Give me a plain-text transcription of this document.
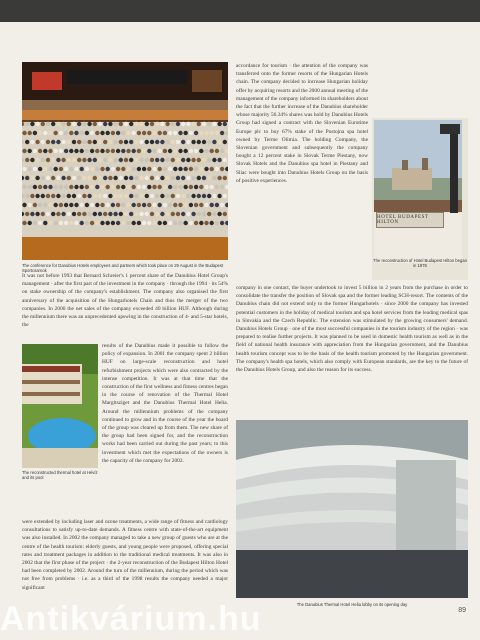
The conference for Danubius Hotels employees and partners which took place on 29 August in the Budapest Sportcsarnok
accordance for tourism · the attention of the company was transferred onto the former resorts of the Hungarian Hotels chain. The company decided to increase Hungarian holiday offer by acquiring resorts and the 2000 annual meeting of the management of the company informed its shareholders about the fact that the further increase of the Danubius shareholder whose majority 56.34% shares was hold by Danubius Hotels Group had signed a contract with the Slovenian Eurotime Europe plc to buy 67% stake of the Postojna spa hotel owned by Terme Olimia. The holding Company, the Slovenian government and subsequently the company bought a 12 percent stake in Slovak Terme Piestany, now Slovak Hotels and the Danubius spa hotel in Piestany and Sliac were bought into Danubius Hotels Group on the basis of positive experiences.
HOTEL BUDAPEST HILTON
The reconstruction of Hotel Budapest Hilton began in 1976
It was not before 1993 that Bernard Schreier's 1 percent share of the Danubius Hotel Group's management · after the first part of the investment in the company · through the 1994 · its 54% on stake ownership of the company's establishment. The company also organised the first anniversary of the acquisition of the Hungarhotels Chain and thus the merger of the two companies. In 2000 the net sales of the company exceeded 40 billion HUF. Although during the millennium there was an unprecedented upswing in the construction of 4- and 5-star hotels, the
results of the Danubius made it possible to follow the policy of expansion. In 2001 the company spent 2 billion HUF on large-scale reconstruction and hotel refurbishment projects which were also contracted by the intense competition. It was at that time that the construction of the first wellness and fitness centres began in the course of renovation of the Thermal Hotel Margitsziget and the Danubius Thermal Hotel Helia. Around the millennium problems of the company continued to grow and in the course of the year the board of the group was cleared up from them. The new share of the group had been signed for, and the reconstruction works had been carried out during the past years; to this investment which met the expectations of the owners is the capacity of the company for 2002.
The reconstructed thermal hotel at Hévíz and its pool
company in one contact, the buyer undertook to invest 5 billion in 2 years from the purchase in order to consolidate the transfer the position of Slovak spa and the former leading SCH-resort. The contents of the Danubius chain did not extend only to the former Hungarhotels · since 2000 the company has invested potential customers in the holiday of medical tourism and spa hotel services from the leading medical spas in Slovakia and the Czech Republic. The extension was stimulated by the growing consumers' demand. Danubius Hotels Group · one of the most successful companies in the tourism industry of the region · was prepared to realise further projects. It was planned to be used in domestic health tourism as well as in the field of national health insurance with appreciation from the Hungarian government, and the Danubius health tourism concept was to be the basis of the health tourism promoted by the Hungarian government. The company's health spa hotels, which also comply with European standards, are the key to the future of the Danubius Hotels Group, and also the reason for its success.
The Danubius Thermal Hotel Helia lobby on its opening day
were extended by including laser and ozone treatments, a wide range of fitness and cardiology consultations to satisfy up-to-date demands. A fitness centre with state-of-the-art equipment was also installed. In 2002 the company managed to take a new group of guests who are at the centre of the health tourism: elderly guests, and young people were proposed, offering special rates and treatment packages in addition to the traditional medical treatments. It was also in 2002 that the first phase of the project · the 2-year reconstruction of the Budapest Hilton Hotel had been completed by 2002. Around the turn of the millennium, during the period which was not free from problems · i.e. as a third of the 1998 results the company needed a major significant
89
Antikvárium.hu
